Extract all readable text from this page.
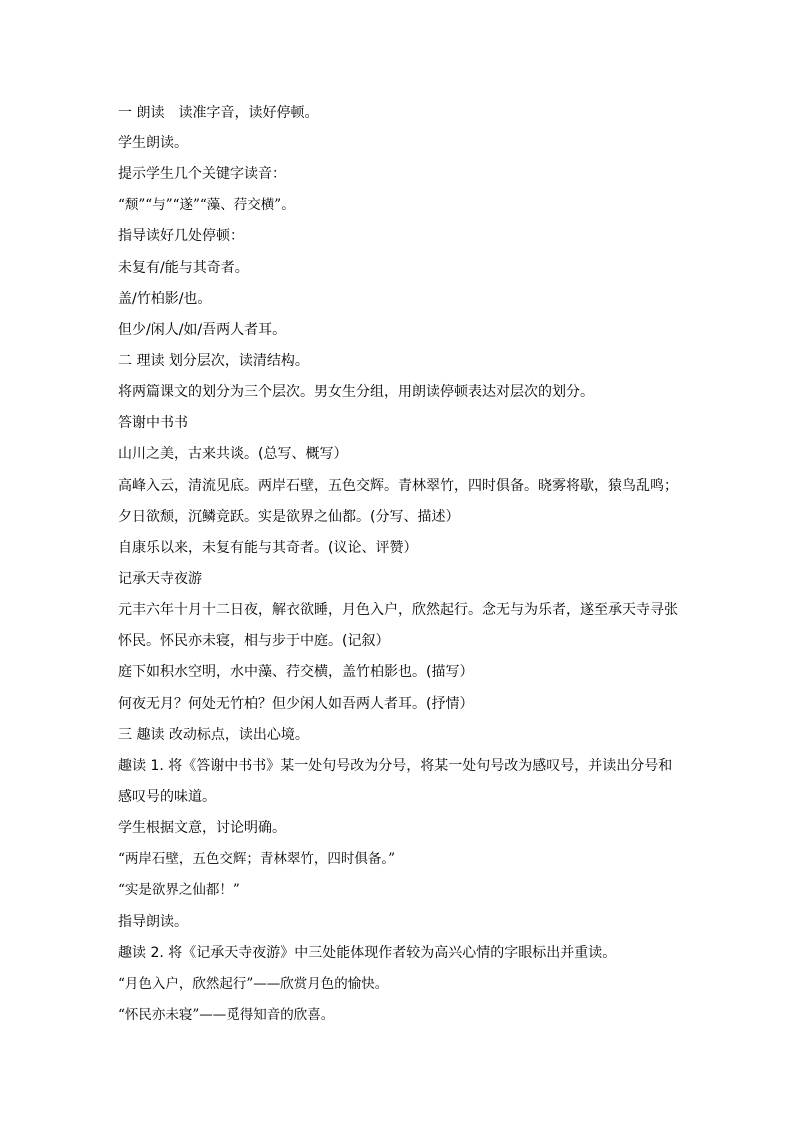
一 朗读　读准字音，读好停顿。
学生朗读。
提示学生几个关键字读音：
“颓”“与”“遂”“藻、荇交横”。
指导读好几处停顿：
未复有/能与其奇者。
盖/竹柏影/也。
但少/闲人/如/吾两人者耳。
二 理读 划分层次，读清结构。
将两篇课文的划分为三个层次。男女生分组，用朗读停顿表达对层次的划分。
答谢中书书
山川之美，古来共谈。(总写、概写）
高峰入云，清流见底。两岸石壁，五色交辉。青林翠竹，四时俱备。晓雾将歇，猿鸟乱鸣；
夕日欲颓，沉鳞竞跃。实是欲界之仙都。(分写、描述）
自康乐以来，未复有能与其奇者。(议论、评赞）
记承天寺夜游
元丰六年十月十二日夜，解衣欲睡，月色入户，欣然起行。念无与为乐者，遂至承天寺寻张
怀民。怀民亦未寝，相与步于中庭。(记叙）
庭下如积水空明，水中藻、荇交横，盖竹柏影也。(描写）
何夜无月？何处无竹柏？但少闲人如吾两人者耳。(抒情）
三 趣读 改动标点，读出心境。
趣读 1. 将《答谢中书书》某一处句号改为分号，将某一处句号改为感叹号，并读出分号和
感叹号的味道。
学生根据文意，讨论明确。
“两岸石壁，五色交辉；青林翠竹，四时俱备。”
“实是欲界之仙都！”
指导朗读。
趣读 2. 将《记承天寺夜游》中三处能体现作者较为高兴心情的字眼标出并重读。
“月色入户，欣然起行”——欣赏月色的愉快。
“怀民亦未寝”——觅得知音的欣喜。
